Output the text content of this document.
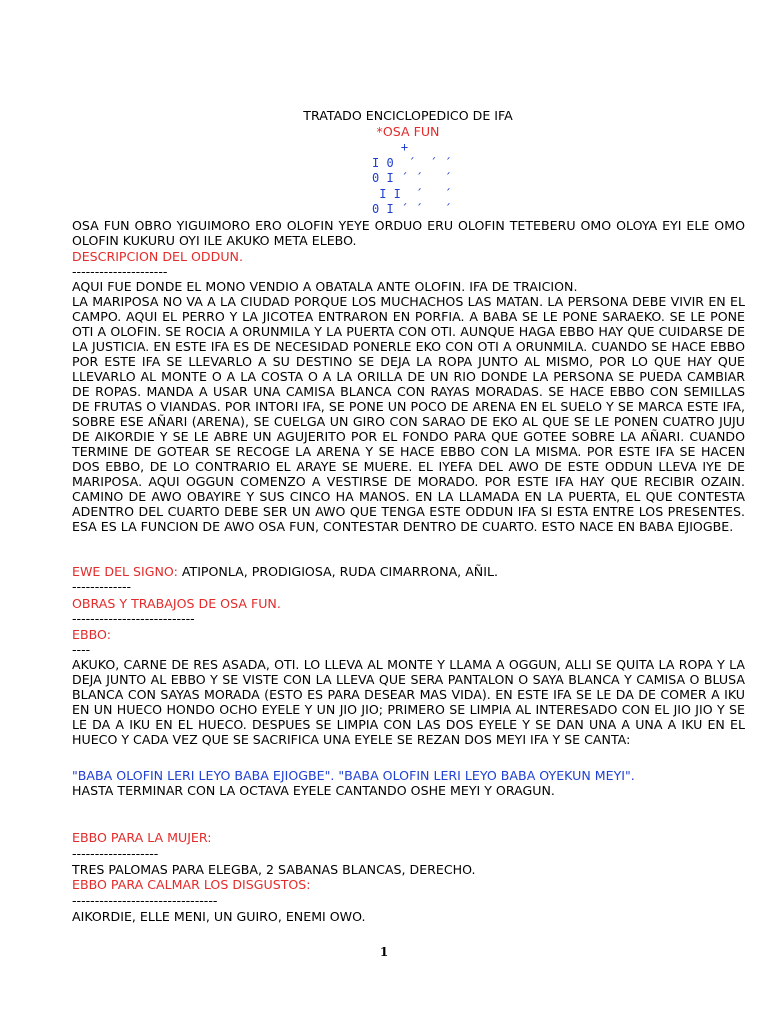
TRATADO ENCICLOPEDICO DE IFA
*OSA FUN
+
I 0  ´  ´ ´
0 I ´ ´   ´
I I  ´   ´
0 I ´ ´   ´
OSA FUN OBRO YIGUIMORO ERO OLOFIN YEYE ORDUO ERU OLOFIN TETEBERU OMO OLOYA EYI ELE OMO OLOFIN KUKURU OYI ILE AKUKO META ELEBO.
DESCRIPCION DEL ODDUN.
---------------------
AQUI FUE DONDE EL MONO VENDIO A OBATALA ANTE OLOFIN. IFA DE TRAICION.
LA MARIPOSA NO VA A LA CIUDAD PORQUE LOS MUCHACHOS LAS MATAN. LA PERSONA DEBE VIVIR EN EL CAMPO. AQUI EL PERRO Y LA JICOTEA ENTRARON EN PORFIA. A BABA SE LE PONE SARAEKO. SE LE PONE OTI A OLOFIN. SE ROCIA A ORUNMILA Y LA PUERTA CON OTI. AUNQUE HAGA EBBO HAY QUE CUIDARSE DE LA JUSTICIA. EN ESTE IFA ES DE NECESIDAD PONERLE EKO CON OTI A ORUNMILA. CUANDO SE HACE EBBO POR ESTE IFA SE LLEVARLO A SU DESTINO SE DEJA LA ROPA JUNTO AL MISMO, POR LO QUE HAY QUE LLEVARLO AL MONTE O A LA COSTA O A LA ORILLA DE UN RIO DONDE LA PERSONA SE PUEDA CAMBIAR DE ROPAS. MANDA A USAR UNA CAMISA BLANCA CON RAYAS MORADAS. SE HACE EBBO CON SEMILLAS DE FRUTAS O VIANDAS. POR INTORI IFA, SE PONE UN POCO DE ARENA EN EL SUELO Y SE MARCA ESTE IFA, SOBRE ESE AÑARI (ARENA), SE CUELGA UN GIRO CON SARAO DE EKO AL QUE SE LE PONEN CUATRO JUJU DE AIKORDIE Y SE LE ABRE UN AGUJERITO POR EL FONDO PARA QUE GOTEE SOBRE LA AÑARI. CUANDO TERMINE DE GOTEAR SE RECOGE LA ARENA Y SE HACE EBBO CON LA MISMA. POR ESTE IFA SE HACEN DOS EBBO, DE LO CONTRARIO EL ARAYE SE MUERE. EL IYEFA DEL AWO DE ESTE ODDUN LLEVA IYE DE MARIPOSA. AQUI OGGUN COMENZO A VESTIRSE DE MORADO. POR ESTE IFA HAY QUE RECIBIR OZAIN. CAMINO DE AWO OBAYIRE Y SUS CINCO HA MANOS. EN LA LLAMADA EN LA PUERTA, EL QUE CONTESTA ADENTRO DEL CUARTO DEBE SER UN AWO QUE TENGA ESTE ODDUN IFA SI ESTA ENTRE LOS PRESENTES. ESA ES LA FUNCION DE AWO OSA FUN, CONTESTAR DENTRO DE CUARTO. ESTO NACE EN BABA EJIOGBE.
EWE DEL SIGNO: ATIPONLA, PRODIGIOSA, RUDA CIMARRONA, AÑIL.
-------------
OBRAS Y TRABAJOS DE OSA FUN.
---------------------------
EBBO:
----
AKUKO, CARNE DE RES ASADA, OTI. LO LLEVA AL MONTE Y LLAMA A OGGUN, ALLI SE QUITA LA ROPA Y LA DEJA JUNTO AL EBBO Y SE VISTE CON LA LLEVA QUE SERA PANTALON O SAYA BLANCA Y CAMISA O BLUSA BLANCA CON SAYAS MORADA (ESTO ES PARA DESEAR MAS VIDA). EN ESTE IFA SE LE DA DE COMER A IKU EN UN HUECO HONDO OCHO EYELE Y UN JIO JIO; PRIMERO SE LIMPIA AL INTERESADO CON EL JIO JIO Y SE LE DA A IKU EN EL HUECO. DESPUES SE LIMPIA CON LAS DOS EYELE Y SE DAN UNA A UNA A IKU EN EL HUECO Y CADA VEZ QUE SE SACRIFICA UNA EYELE SE REZAN DOS MEYI IFA Y SE CANTA:
"BABA OLOFIN LERI LEYO BABA EJIOGBE". "BABA OLOFIN LERI LEYO BABA OYEKUN MEYI".
HASTA TERMINAR CON LA OCTAVA EYELE CANTANDO OSHE MEYI Y ORAGUN.
EBBO PARA LA MUJER:
-------------------
TRES PALOMAS PARA ELEGBA, 2 SABANAS BLANCAS, DERECHO.
EBBO PARA CALMAR LOS DISGUSTOS:
--------------------------------
AIKORDIE, ELLE MENI, UN GUIRO, ENEMI OWO.
1
